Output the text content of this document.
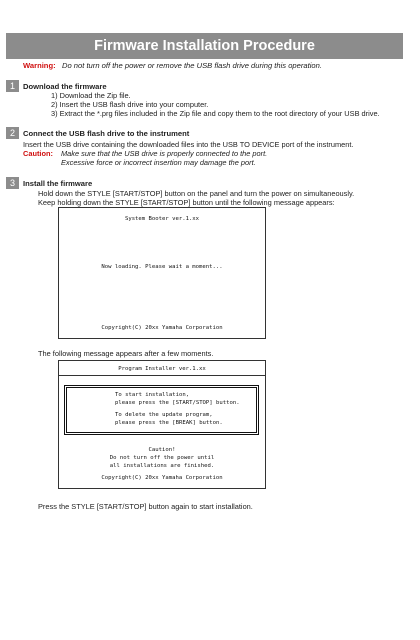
Firmware Installation Procedure
Warning: Do not turn off the power or remove the USB flash drive during this operation.
1	Download the firmware
1) Download the Zip file.
2) Insert the USB flash drive into your computer.
3) Extract the *.prg files included in the Zip file and copy them to the root directory of your USB drive.
2	Connect the USB flash drive to the instrument
Insert the USB drive containing the downloaded files into the USB TO DEVICE port of the instrument.
Caution: Make sure that the USB drive is properly connected to the port.
Excessive force or incorrect insertion may damage the port.
3	Install the firmware
Hold down the STYLE [START/STOP] button on the panel and turn the power on simultaneously.
Keep holding down the STYLE [START/STOP] button until the following message appears:
System Booter ver.1.xx
Now loading. Please wait a moment...
Copyright(C) 20xx Yamaha Corporation
The following message appears after a few moments.
Program Installer ver.1.xx
To start installation,
please press the [START/STOP] button.
To delete the update program,
please press the [BREAK] button.
Caution!
Do not turn off the power until
all installations are finished.
Copyright(C) 20xx Yamaha Corporation
Press the STYLE [START/STOP] button again to start installation.
